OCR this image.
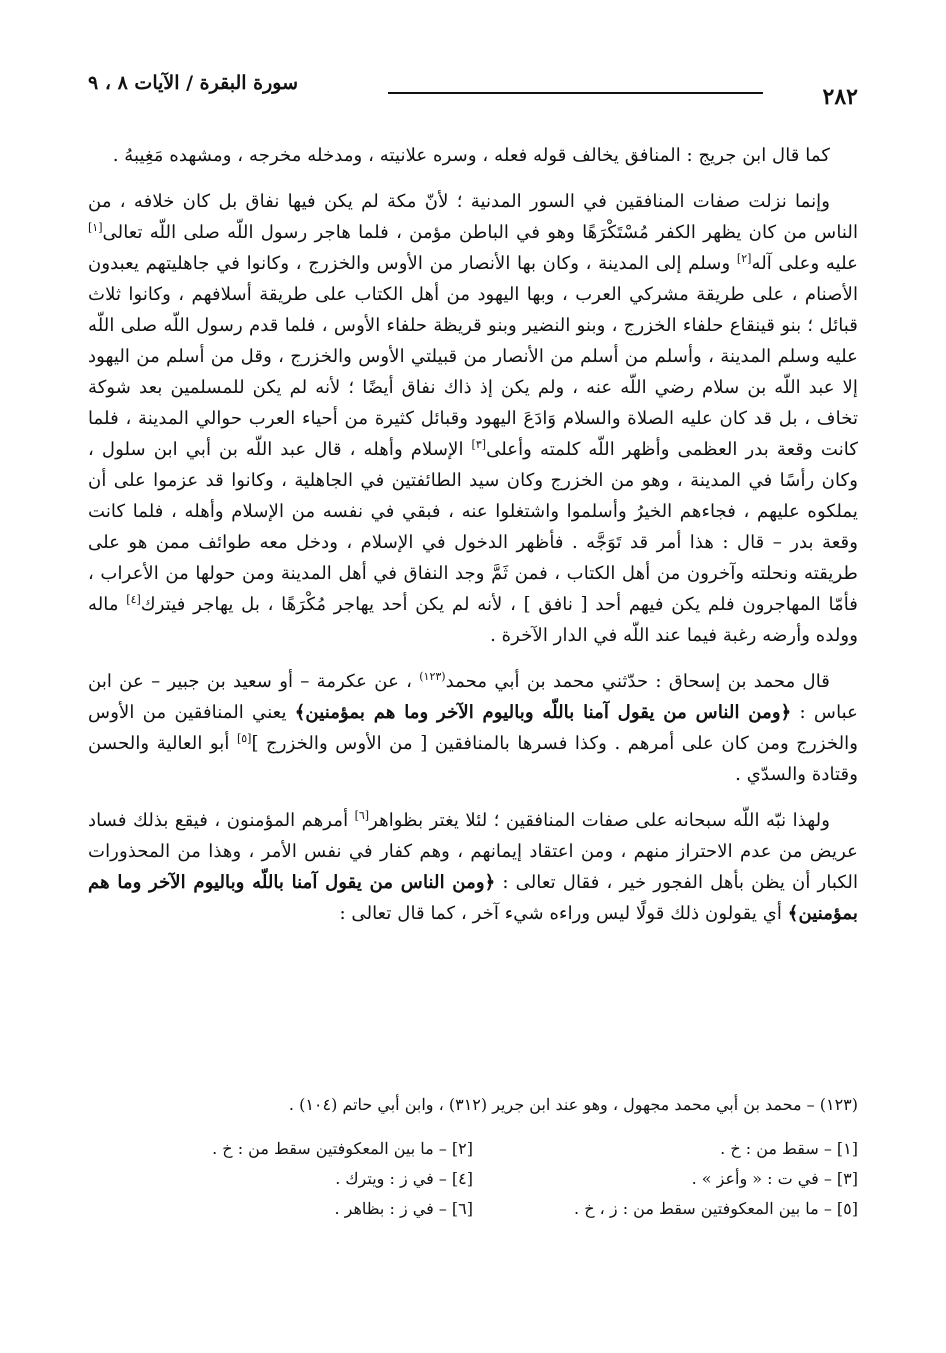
٢٨٢
سورة البقرة / الآيات ٨ ، ٩

كما قال ابن جريج : المنافق يخالف قوله فعله ، وسره علانيته ، ومدخله مخرجه ، ومشهده مَغِيبهُ .

وإنما نزلت صفات المنافقين في السور المدنية ؛ لأنّ مكة لم يكن فيها نفاق بل كان خلافه ، من الناس من كان يظهر الكفر مُسْتَكْرَهًا وهو في الباطن مؤمن ، فلما هاجر رسول اللّه صلى اللّه تعالى[١] عليه وعلى آله[٢] وسلم إلى المدينة ، وكان بها الأنصار من الأوس والخزرج ، وكانوا في جاهليتهم يعبدون الأصنام ، على طريقة مشركي العرب ، وبها اليهود من أهل الكتاب على طريقة أسلافهم ، وكانوا ثلاث قبائل ؛ بنو قينقاع حلفاء الخزرج ، وبنو النضير وبنو قريظة حلفاء الأوس ، فلما قدم رسول اللّه صلى اللّه عليه وسلم المدينة ، وأسلم من أسلم من الأنصار من قبيلتي الأوس والخزرج ، وقل من أسلم من اليهود إلا عبد اللّه بن سلام رضي اللّه عنه ، ولم يكن إذ ذاك نفاق أيضًا ؛ لأنه لم يكن للمسلمين بعد شوكة تخاف ، بل قد كان عليه الصلاة والسلام وَادَعَ اليهود وقبائل كثيرة من أحياء العرب حوالي المدينة ، فلما كانت وقعة بدر العظمى وأظهر اللّه كلمته وأعلى[٣] الإسلام وأهله ، قال عبد اللّه بن أبي ابن سلول ، وكان رأسًا في المدينة ، وهو من الخزرج وكان سيد الطائفتين في الجاهلية ، وكانوا قد عزموا على أن يملكوه عليهم ، فجاءهم الخيرُ وأسلموا واشتغلوا عنه ، فبقي في نفسه من الإسلام وأهله ، فلما كانت وقعة بدر – قال : هذا أمر قد تَوَجَّه . فأظهر الدخول في الإسلام ، ودخل معه طوائف ممن هو على طريقته ونحلته وآخرون من أهل الكتاب ، فمن ثَمَّ وجد النفاق في أهل المدينة ومن حولها من الأعراب ، فأمّا المهاجرون فلم يكن فيهم أحد [ نافق ] ، لأنه لم يكن أحد يهاجر مُكْرَهًا ، بل يهاجر فيترك[٤] ماله وولده وأرضه رغبة فيما عند اللّه في الدار الآخرة .

قال محمد بن إسحاق : حدّثني محمد بن أبي محمد$^{(١٢٣)}$ ، عن عكرمة – أو سعيد بن جبير – عن ابن عباس : ﴿ومن الناس من يقول آمنا باللّه وباليوم الآخر وما هم بمؤمنين﴾ يعني المنافقين من الأوس والخزرج ومن كان على أمرهم . وكذا فسرها بالمنافقين [ من الأوس والخزرج ][٥] أبو العالية والحسن وقتادة والسدّي .

ولهذا نبّه اللّه سبحانه على صفات المنافقين ؛ لئلا يغتر بظواهر[٦] أمرهم المؤمنون ، فيقع بذلك فساد عريض من عدم الاحتراز منهم ، ومن اعتقاد إيمانهم ، وهم كفار في نفس الأمر ، وهذا من المحذورات الكبار أن يظن بأهل الفجور خير ، فقال تعالى : ﴿ومن الناس من يقول آمنا باللّه وباليوم الآخر وما هم بمؤمنين﴾ أي يقولون ذلك قولًا ليس وراءه شيء آخر ، كما قال تعالى :

(١٢٣) – محمد بن أبي محمد مجهول ، وهو عند ابن جرير (٣١٢) ، وابن أبي حاتم (١٠٤) .

[١] – سقط من : خ .
[٢] – ما بين المعكوفتين سقط من : خ .
[٣] – في ت : « وأعز » .
[٤] – في ز : ويترك .
[٥] – ما بين المعكوفتين سقط من : ز ، خ .
[٦] – في ز : بظاهر .
